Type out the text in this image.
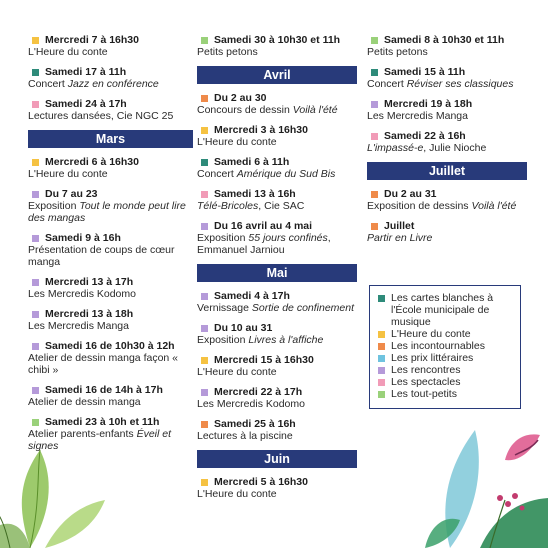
Mercredi 7 à 16h30
L'Heure du conte
Samedi 17 à 11h
Concert Jazz en conférence
Samedi 24 à 17h
Lectures dansées, Cie NGC 25
Mars
Mercredi 6 à 16h30
L'Heure du conte
Du 7 au 23
Exposition Tout le monde peut lire des mangas
Samedi 9 à 16h
Présentation de coups de cœur manga
Mercredi 13 à 17h
Les Mercredis Kodomo
Mercredi 13 à 18h
Les Mercredis Manga
Samedi 16 de 10h30 à 12h
Atelier de dessin manga façon « chibi »
Samedi 16 de 14h à 17h
Atelier de dessin manga
Samedi 23 à 10h et 11h
Atelier parents-enfants Éveil et signes
Samedi 30 à 10h30 et 11h
Petits petons
Avril
Du 2 au 30
Concours de dessin Voilà l'été
Mercredi 3 à 16h30
L'Heure du conte
Samedi 6 à 11h
Concert Amérique du Sud Bis
Samedi 13 à 16h
Télé-Bricoles, Cie SAC
Du 16 avril au 4 mai
Exposition 55 jours confinés, Emmanuel Jarniou
Mai
Samedi 4 à 17h
Vernissage Sortie de confinement
Du 10 au 31
Exposition Livres à l'affiche
Mercredi 15 à 16h30
L'Heure du conte
Mercredi 22 à 17h
Les Mercredis Kodomo
Samedi 25 à 16h
Lectures à la piscine
Juin
Mercredi 5 à 16h30
L'Heure du conte
Samedi 8 à 10h30 et 11h
Petits petons
Samedi 15 à 11h
Concert Réviser ses classiques
Mercredi 19 à 18h
Les Mercredis Manga
Samedi 22 à 16h
L'impassé-e, Julie Nioche
Juillet
Du 2 au 31
Exposition de dessins Voilà l'été
Juillet
Partir en Livre
Les cartes blanches à l'École municipale de musique
L'Heure du conte
Les incontournables
Les prix littéraires
Les rencontres
Les spectacles
Les tout-petits
